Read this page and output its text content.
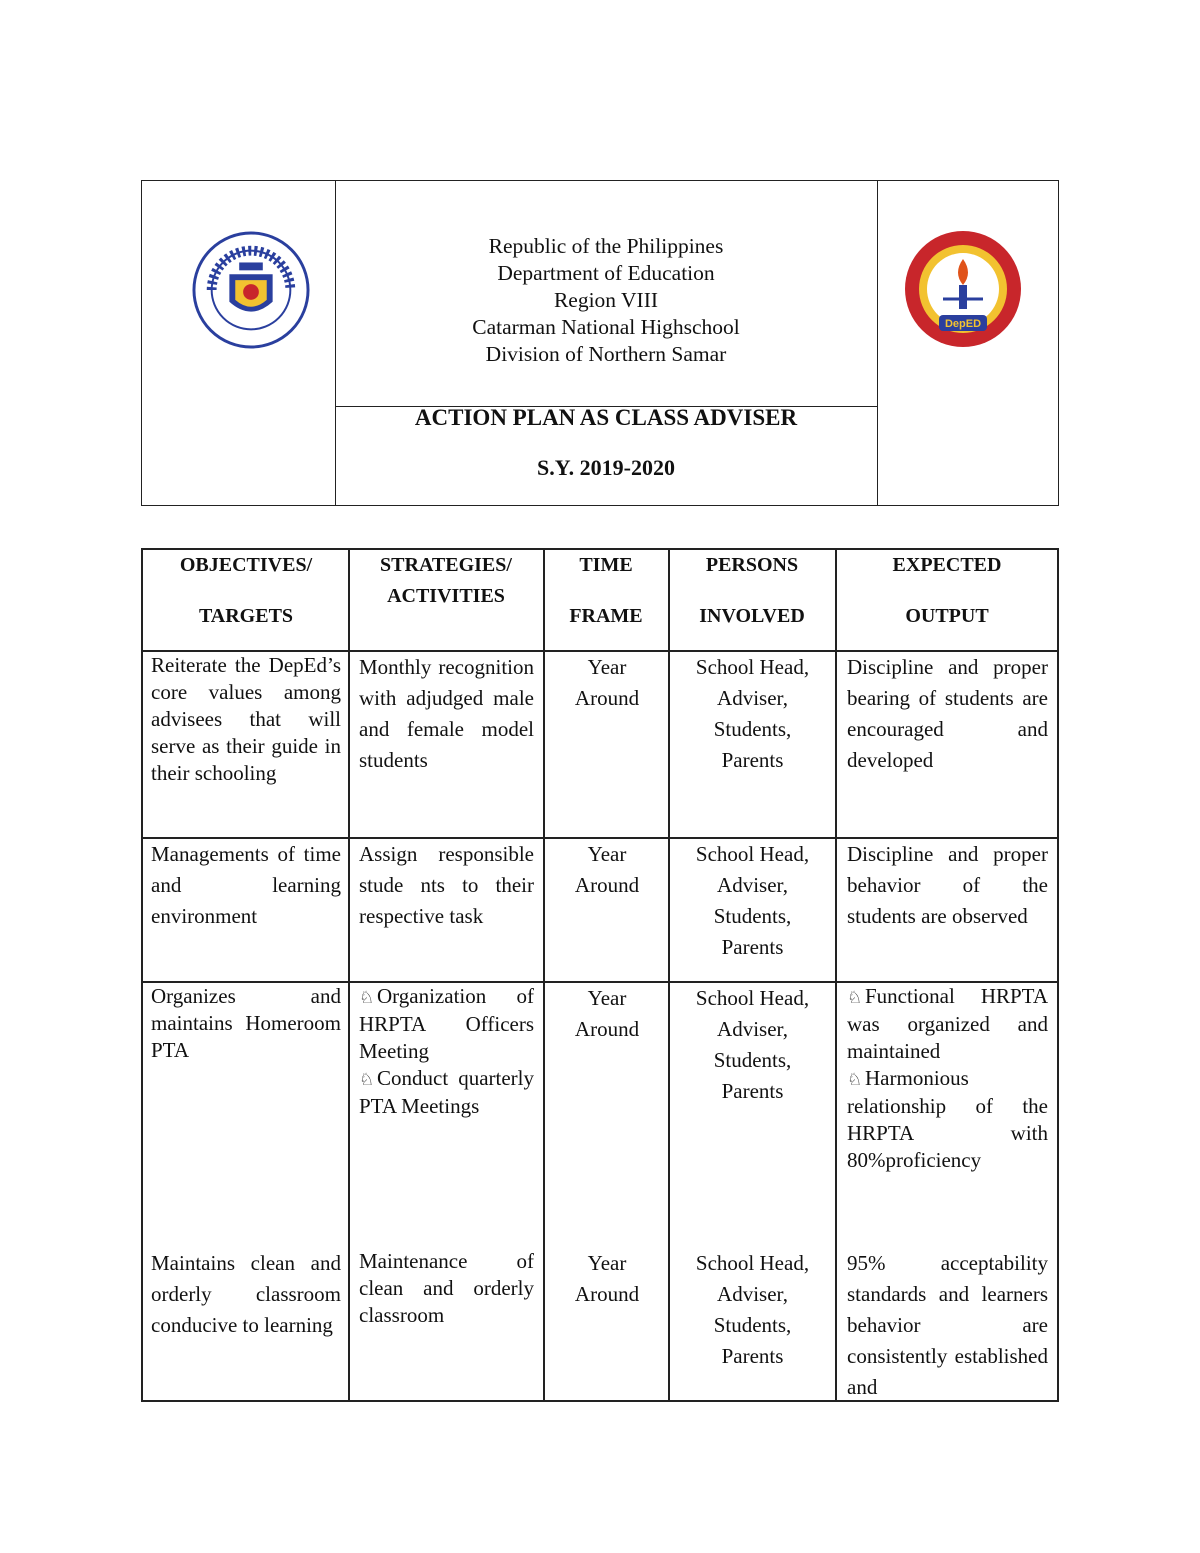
DepED
Republic of the Philippines
Department of Education
Region VIII
Catarman National Highschool
Division of Northern Samar
ACTION PLAN AS CLASS ADVISER
S.Y. 2019-2020
OBJECTIVES/
TARGETS
STRATEGIES/
ACTIVITIES
TIME
FRAME
PERSONS
INVOLVED
EXPECTED
OUTPUT
Reiterate the DepEd’s core values among advisees that will serve as their guide in their schooling
Monthly recognition with adjudged male and female model students
Year Around
School Head, Adviser, Students, Parents
Discipline and proper bearing of students are encouraged and developed
Managements of time and learning environment
Assign responsible stude nts to their respective task
Year Around
School Head, Adviser, Students, Parents
Discipline and proper behavior of the students are observed
Organizes and maintains Homeroom PTA
♘ Organization of HRPTA Officers Meeting
♘ Conduct quarterly PTA Meetings
Year Around
School Head, Adviser, Students, Parents
♘ Functional HRPTA was organized and maintained
♘ Harmonious relationship of the HRPTA with 80%proficiency
Maintains clean and orderly classroom conducive to learning
Maintenance of clean and orderly classroom
Year Around
School Head, Adviser, Students, Parents
95% acceptability standards and learners behavior are consistently established and
